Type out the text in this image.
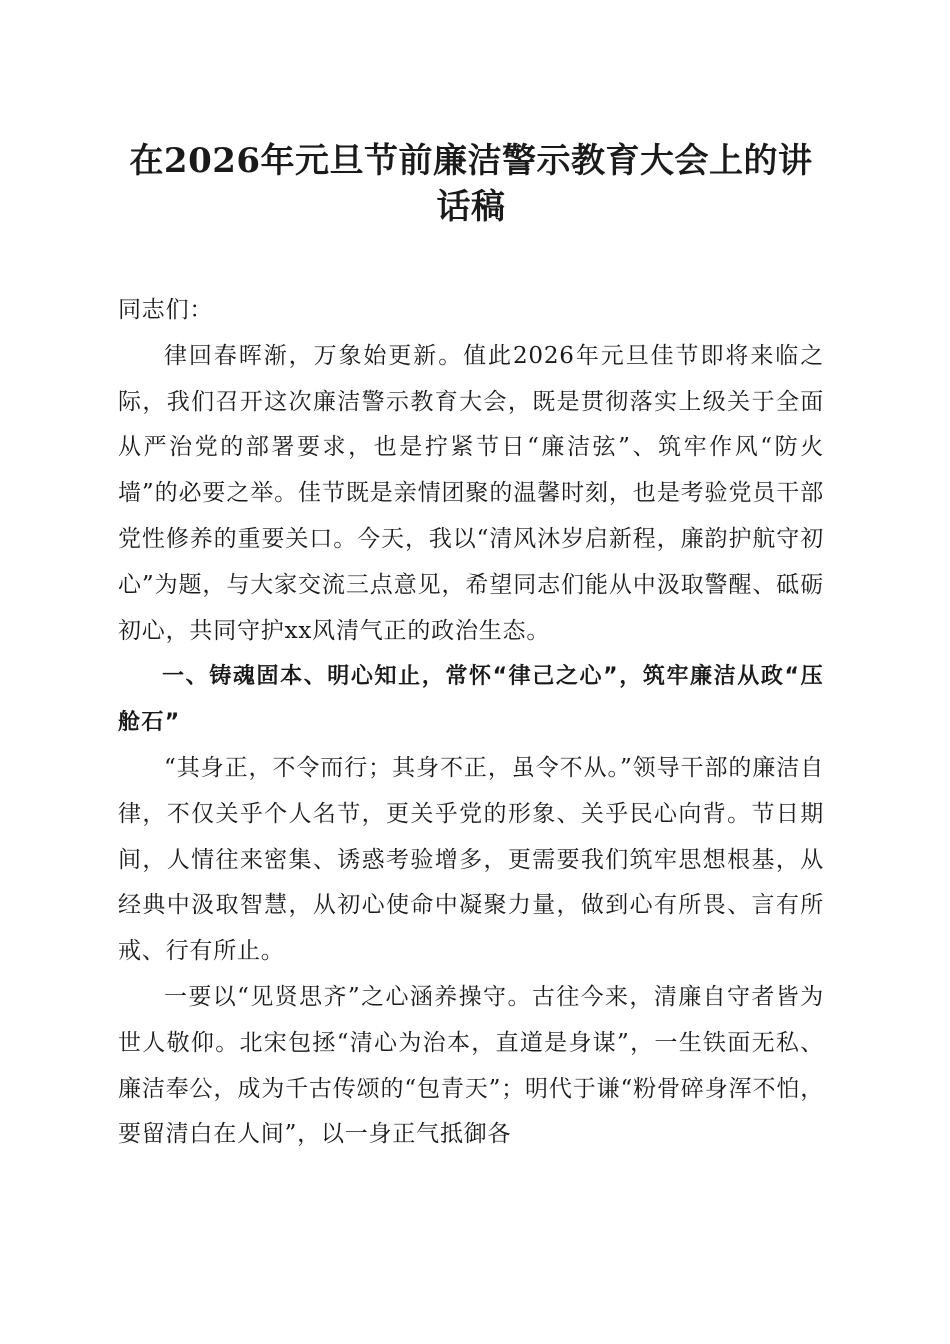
在2026年元旦节前廉洁警示教育大会上的讲话稿

同志们：

律回春晖渐，万象始更新。值此2026年元旦佳节即将来临之际，我们召开这次廉洁警示教育大会，既是贯彻落实上级关于全面从严治党的部署要求，也是拧紧节日“廉洁弦”、筑牢作风“防火墙”的必要之举。佳节既是亲情团聚的温馨时刻，也是考验党员干部党性修养的重要关口。今天，我以“清风沐岁启新程，廉韵护航守初心”为题，与大家交流三点意见，希望同志们能从中汲取警醒、砥砺初心，共同守护xx风清气正的政治生态。

一、铸魂固本、明心知止，常怀“律己之心”，筑牢廉洁从政“压舱石”

“其身正，不令而行；其身不正，虽令不从。”领导干部的廉洁自律，不仅关乎个人名节，更关乎党的形象、关乎民心向背。节日期间，人情往来密集、诱惑考验增多，更需要我们筑牢思想根基，从经典中汲取智慧，从初心使命中凝聚力量，做到心有所畏、言有所戒、行有所止。

一要以“见贤思齐”之心涵养操守。古往今来，清廉自守者皆为世人敬仰。北宋包拯“清心为治本，直道是身谋”，一生铁面无私、廉洁奉公，成为千古传颂的“包青天”；明代于谦“粉骨碎身浑不怕，要留清白在人间”，以一身正气抵御各
